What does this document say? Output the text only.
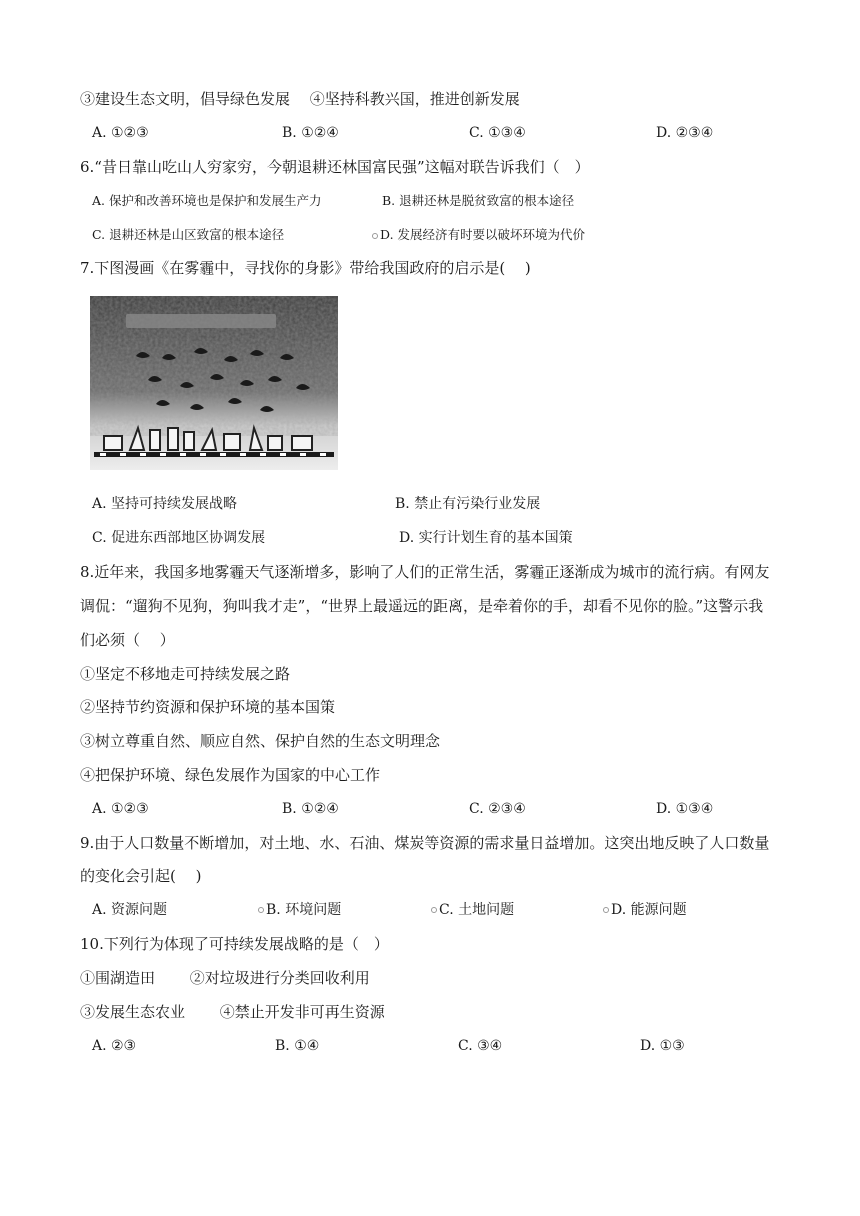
③建设生态文明，倡导绿色发展　 ④坚持科教兴国，推进创新发展
A. ①②③	B. ①②④	C. ①③④	D. ②③④
6.“昔日靠山吃山人穷家穷，今朝退耕还林国富民强”这幅对联告诉我们（　）
A. 保护和改善环境也是保护和发展生产力	B. 退耕还林是脱贫致富的根本途径
C. 退耕还林是山区致富的根本途径	D. 发展经济有时要以破坏环境为代价
7.下图漫画《在雾霾中，寻找你的身影》带给我国政府的启示是(　 )
A. 坚持可持续发展战略	B. 禁止有污染行业发展
C. 促进东西部地区协调发展	D. 实行计划生育的基本国策
8.近年来，我国多地雾霾天气逐渐增多，影响了人们的正常生活，雾霾正逐渐成为城市的流行病。有网友
调侃：“遛狗不见狗，狗叫我才走”，“世界上最遥远的距离，是牵着你的手，却看不见你的脸。”这警示我
们必须（　 ）
①坚定不移地走可持续发展之路
②坚持节约资源和保护环境的基本国策
③树立尊重自然、顺应自然、保护自然的生态文明理念
④把保护环境、绿色发展作为国家的中心工作
A. ①②③	B. ①②④	C. ②③④	D. ①③④
9.由于人口数量不断增加，对土地、水、石油、煤炭等资源的需求量日益增加。这突出地反映了人口数量
的变化会引起(　 )
A. 资源问题	B. 环境问题	C. 土地问题	D. 能源问题
10.下列行为体现了可持续发展战略的是（　）
①围湖造田　　 ②对垃圾进行分类回收利用
③发展生态农业　　 ④禁止开发非可再生资源
A. ②③	B. ①④	C. ③④	D. ①③
